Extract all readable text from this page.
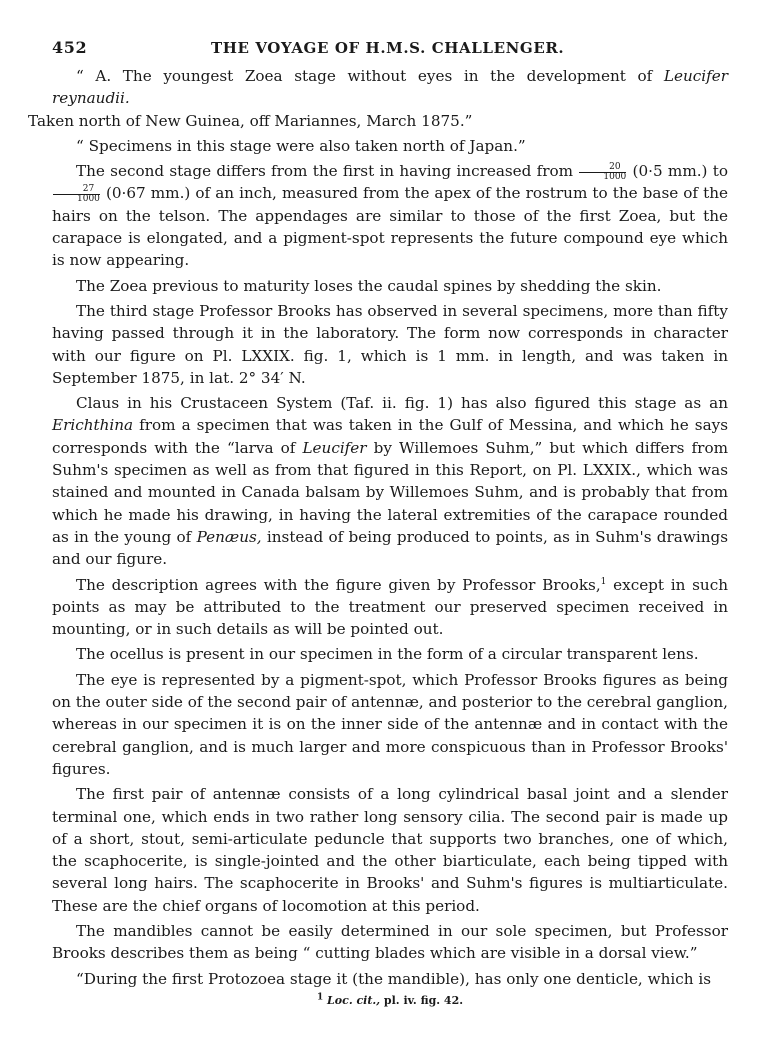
452	THE VOYAGE OF H.M.S. CHALLENGER.

“ A. The youngest Zoea stage without eyes in the development of Leucifer reynaudii.
Taken north of New Guinea, off Mariannes, March 1875.”

“ Specimens in this stage were also taken north of Japan.”

The second stage differs from the first in having increased from $\frac{20}{1000} (0\cdot 5$ mm.) to
$\frac{27}{1000} (0\cdot 67$ mm.) of an inch, measured from the apex of the rostrum to the base of the hairs on the telson. The appendages are similar to those of the first Zoea, but the carapace is elongated, and a pigment-spot represents the future compound eye which is now appearing.

The Zoea previous to maturity loses the caudal spines by shedding the skin.

The third stage Professor Brooks has observed in several specimens, more than fifty having passed through it in the laboratory. The form now corresponds in character with our figure on Pl. LXXIX. fig. 1, which is 1 mm. in length, and was taken in September 1875, in lat. 2° 34′ N.

Claus in his Crustaceen System (Taf. ii. fig. 1) has also figured this stage as an Erichthina from a specimen that was taken in the Gulf of Messina, and which he says corresponds with the “larva of Leucifer by Willemoes Suhm,” but which differs from Suhm's specimen as well as from that figured in this Report, on Pl. LXXIX., which was stained and mounted in Canada balsam by Willemoes Suhm, and is probably that from which he made his drawing, in having the lateral extremities of the carapace rounded as in the young of Penæus, instead of being produced to points, as in Suhm's drawings and our figure.

The description agrees with the figure given by Professor Brooks,$^1$ except in such points as may be attributed to the treatment our preserved specimen received in mounting, or in such details as will be pointed out.

The ocellus is present in our specimen in the form of a circular transparent lens.

The eye is represented by a pigment-spot, which Professor Brooks figures as being on the outer side of the second pair of antennæ, and posterior to the cerebral ganglion, whereas in our specimen it is on the inner side of the antennæ and in contact with the cerebral ganglion, and is much larger and more conspicuous than in Professor Brooks' figures.

The first pair of antennæ consists of a long cylindrical basal joint and a slender terminal one, which ends in two rather long sensory cilia. The second pair is made up of a short, stout, semi-articulate peduncle that supports two branches, one of which, the scaphocerite, is single-jointed and the other biarticulate, each being tipped with several long hairs. The scaphocerite in Brooks' and Suhm's figures is multiarticulate. These are the chief organs of locomotion at this period.

The mandibles cannot be easily determined in our sole specimen, but Professor Brooks describes them as being “ cutting blades which are visible in a dorsal view.”

“During the first Protozoea stage it (the mandible), has only one denticle, which is

$^1$ Loc. cit., pl. iv. fig. 42.
